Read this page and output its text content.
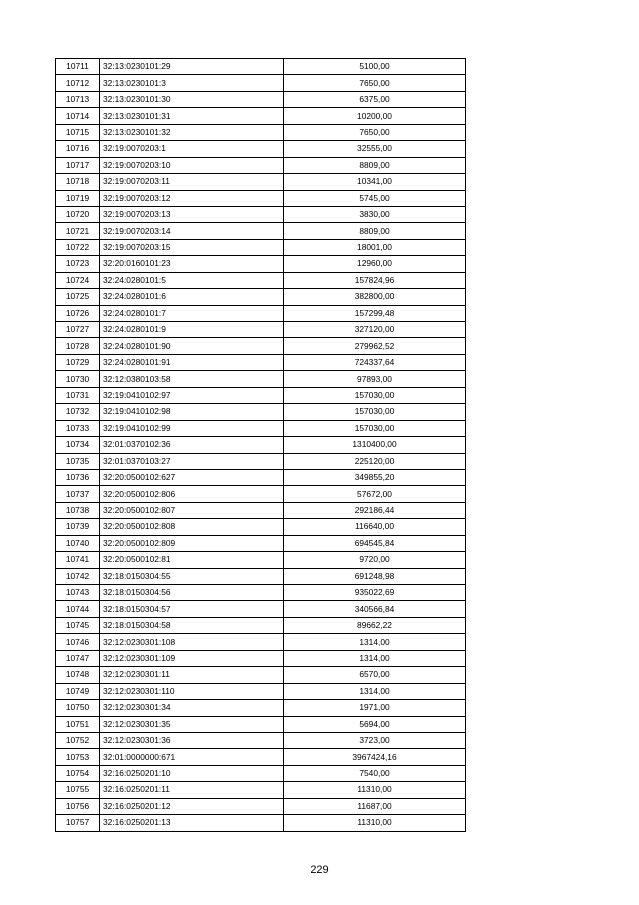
10711	32:13:0230101:29	5100,00
10712	32:13:0230101:3	7650,00
10713	32:13:0230101:30	6375,00
10714	32:13:0230101:31	10200,00
10715	32:13:0230101:32	7650,00
10716	32:19:0070203:1	32555,00
10717	32:19:0070203:10	8809,00
10718	32:19:0070203:11	10341,00
10719	32:19:0070203:12	5745,00
10720	32:19:0070203:13	3830,00
10721	32:19:0070203:14	8809,00
10722	32:19:0070203:15	18001,00
10723	32:20:0160101:23	12960,00
10724	32:24:0280101:5	157824,96
10725	32:24:0280101:6	382800,00
10726	32:24:0280101:7	157299,48
10727	32:24:0280101:9	327120,00
10728	32:24:0280101:90	279962,52
10729	32:24:0280101:91	724337,64
10730	32:12:0380103:58	97893,00
10731	32:19:0410102:97	157030,00
10732	32:19:0410102:98	157030,00
10733	32:19:0410102:99	157030,00
10734	32:01:0370102:36	1310400,00
10735	32:01:0370103:27	225120,00
10736	32:20:0500102:627	349855,20
10737	32:20:0500102:806	57672,00
10738	32:20:0500102:807	292186,44
10739	32:20:0500102:808	116640,00
10740	32:20:0500102:809	694545,84
10741	32:20:0500102:81	9720,00
10742	32:18:0150304:55	691248,98
10743	32:18:0150304:56	935022,69
10744	32:18:0150304:57	340566,84
10745	32:18:0150304:58	89662,22
10746	32:12:0230301:108	1314,00
10747	32:12:0230301:109	1314,00
10748	32:12:0230301:11	6570,00
10749	32:12:0230301:110	1314,00
10750	32:12:0230301:34	1971,00
10751	32:12:0230301:35	5694,00
10752	32:12:0230301:36	3723,00
10753	32:01:0000000:671	3967424,16
10754	32:16:0250201:10	7540,00
10755	32:16:0250201:11	11310,00
10756	32:16:0250201:12	11687,00
10757	32:16:0250201:13	11310,00
229
